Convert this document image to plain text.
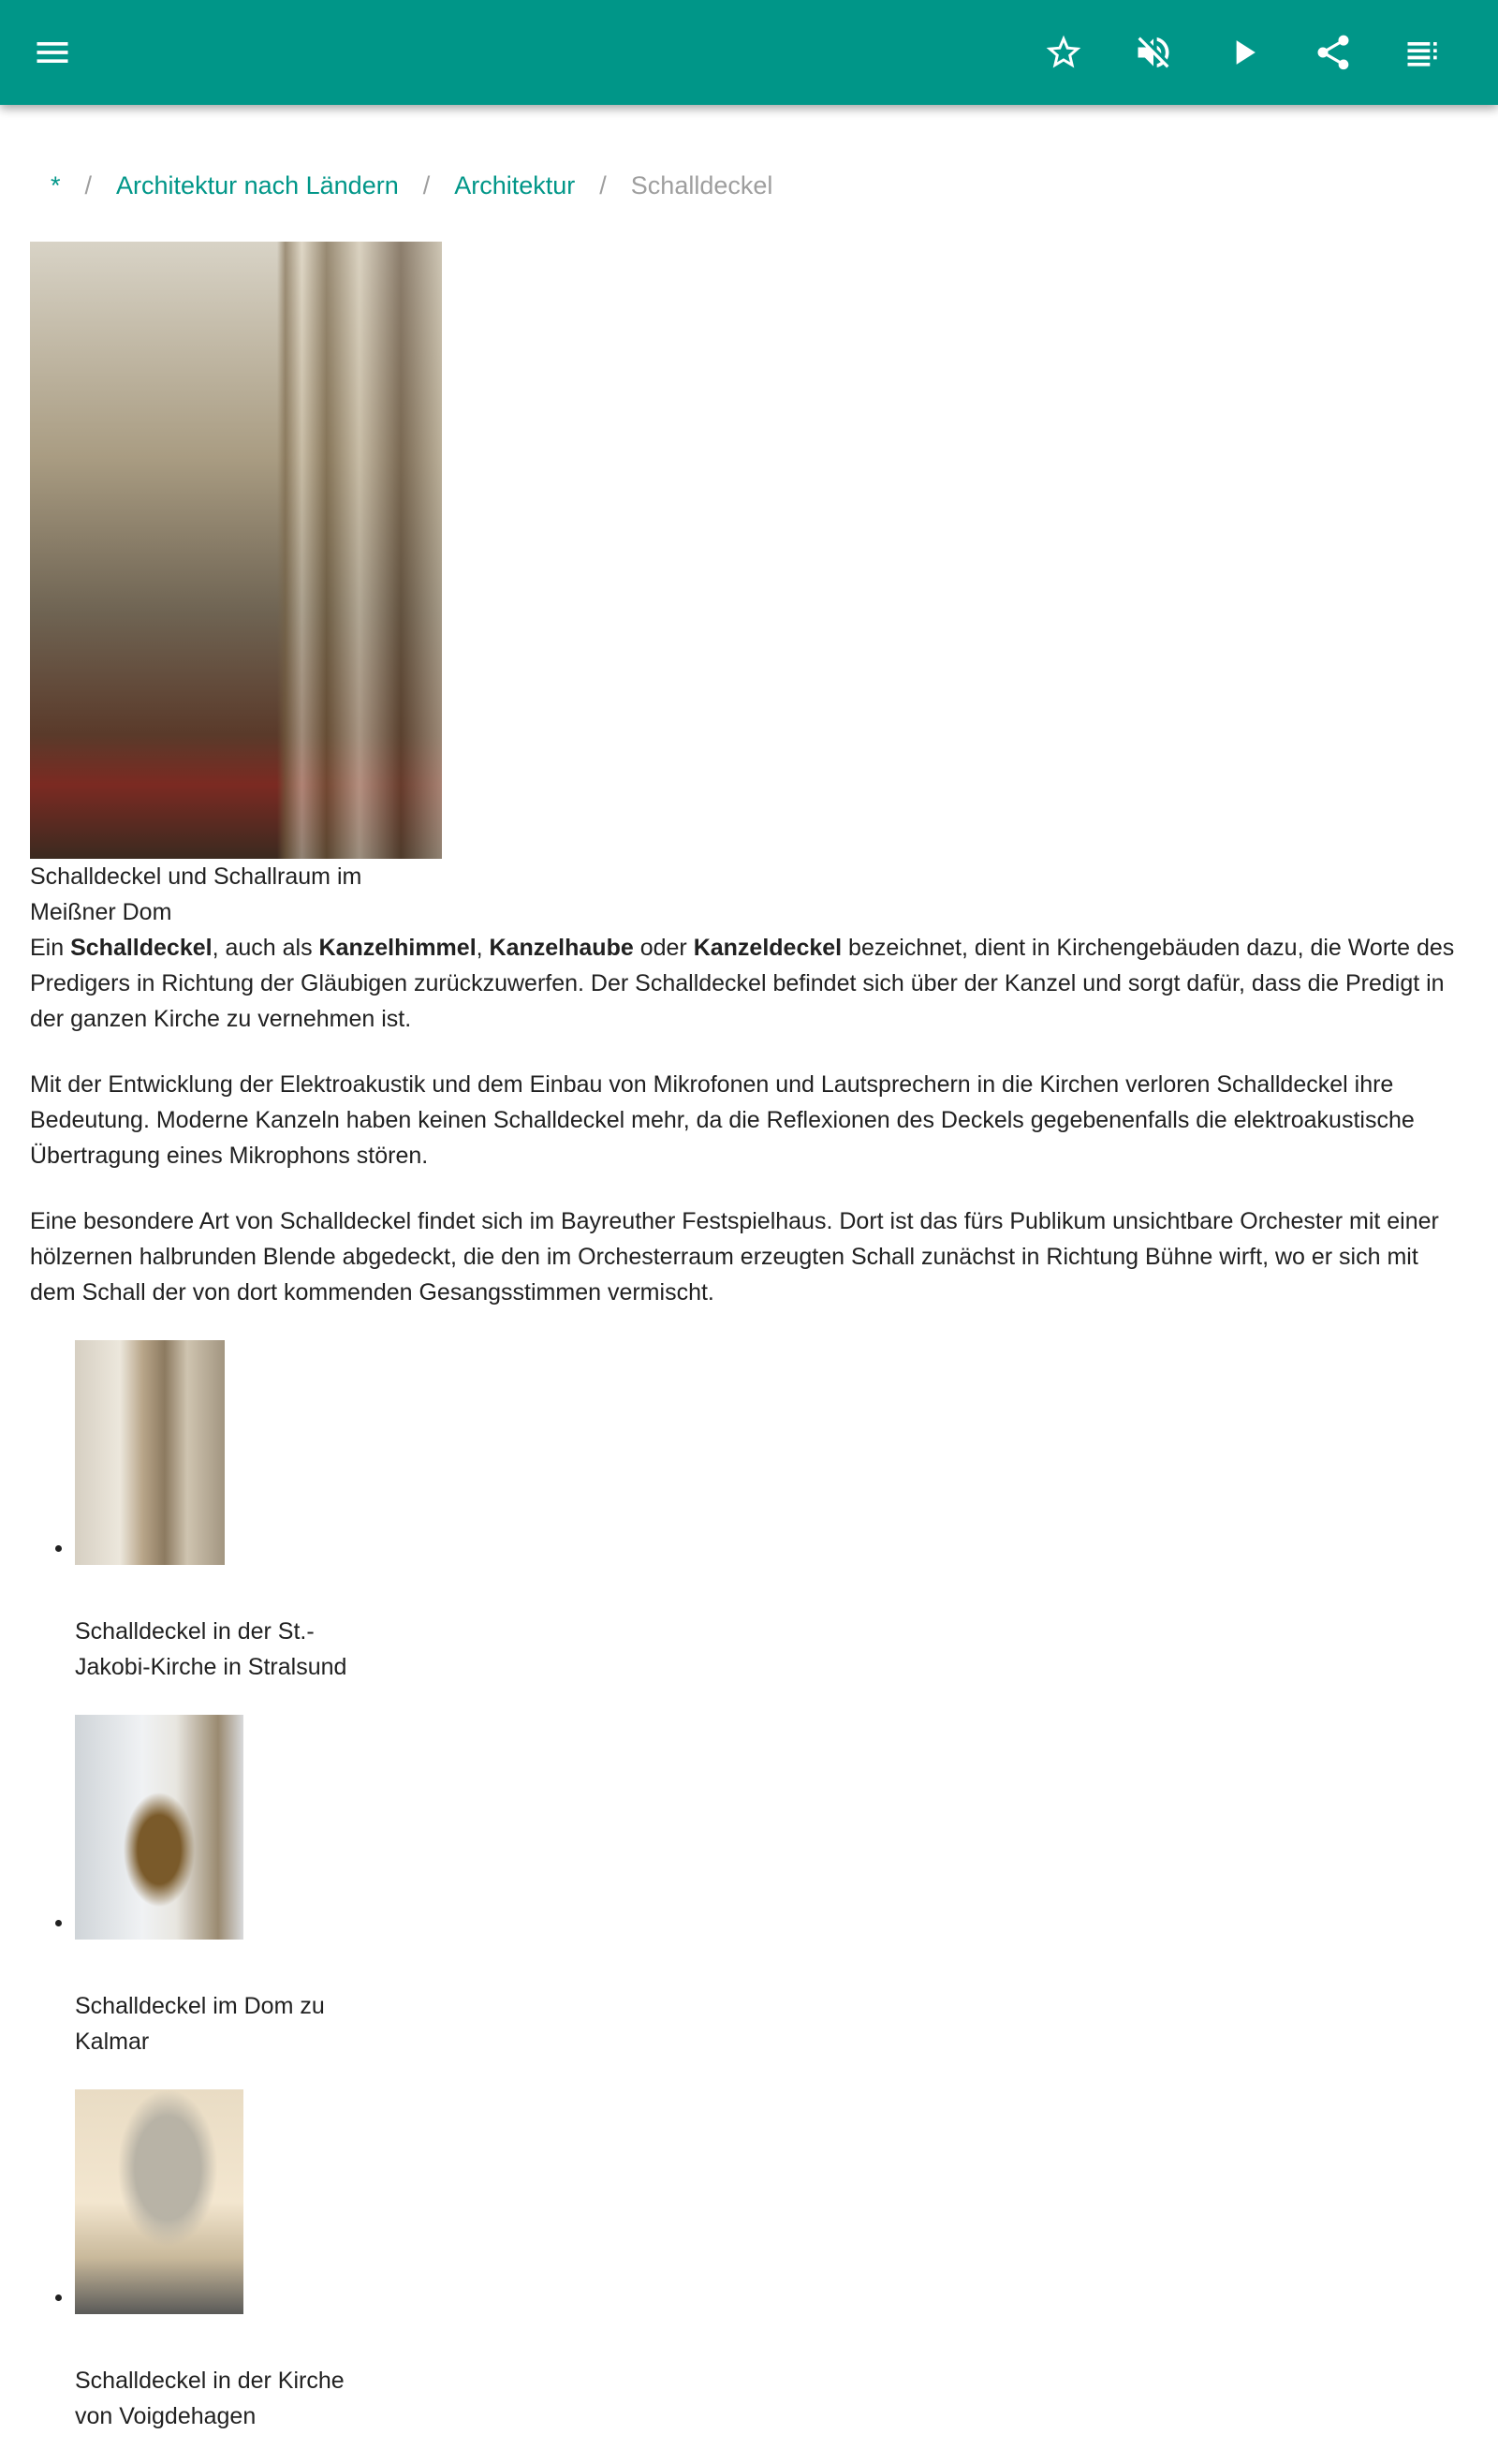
* / Architektur nach Ländern / Architektur / Schalldeckel
Schalldeckel und Schallraum im Meißner Dom

Ein Schalldeckel, auch als Kanzelhimmel, Kanzelhaube oder Kanzeldeckel bezeichnet, dient in Kirchengebäuden dazu, die Worte des Predigers in Richtung der Gläubigen zurückzuwerfen. Der Schalldeckel befindet sich über der Kanzel und sorgt dafür, dass die Predigt in der ganzen Kirche zu vernehmen ist.

Mit der Entwicklung der Elektroakustik und dem Einbau von Mikrofonen und Lautsprechern in die Kirchen verloren Schalldeckel ihre Bedeutung. Moderne Kanzeln haben keinen Schalldeckel mehr, da die Reflexionen des Deckels gegebenenfalls die elektroakustische Übertragung eines Mikrophons stören.

Eine besondere Art von Schalldeckel findet sich im Bayreuther Festspielhaus. Dort ist das fürs Publikum unsichtbare Orchester mit einer hölzernen halbrunden Blende abgedeckt, die den im Orchesterraum erzeugten Schall zunächst in Richtung Bühne wirft, wo er sich mit dem Schall der von dort kommenden Gesangsstimmen vermischt.

• Schalldeckel in der St.-Jakobi-Kirche in Stralsund
• Schalldeckel im Dom zu Kalmar
• Schalldeckel in der Kirche von Voigdehagen
